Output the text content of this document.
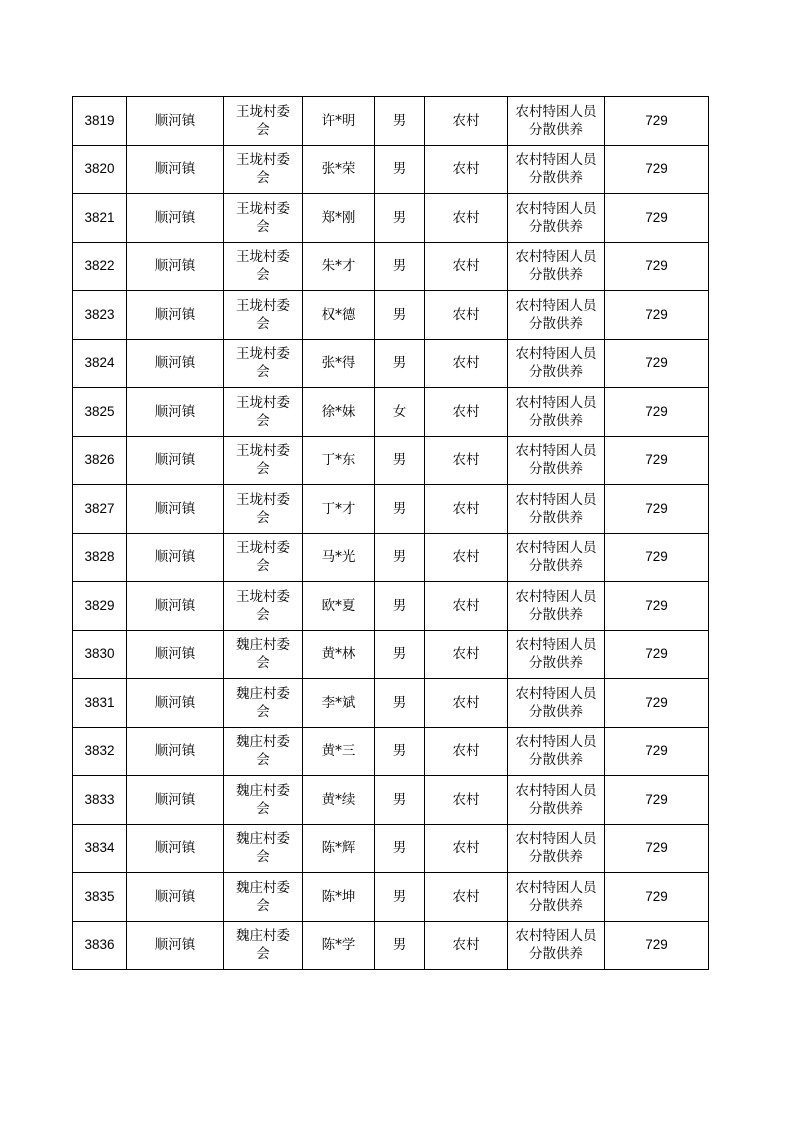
3819	顺河镇	王垅村委会	许*明	男	农村	农村特困人员分散供养	729
3820	顺河镇	王垅村委会	张*荣	男	农村	农村特困人员分散供养	729
3821	顺河镇	王垅村委会	郑*刚	男	农村	农村特困人员分散供养	729
3822	顺河镇	王垅村委会	朱*才	男	农村	农村特困人员分散供养	729
3823	顺河镇	王垅村委会	权*德	男	农村	农村特困人员分散供养	729
3824	顺河镇	王垅村委会	张*得	男	农村	农村特困人员分散供养	729
3825	顺河镇	王垅村委会	徐*妹	女	农村	农村特困人员分散供养	729
3826	顺河镇	王垅村委会	丁*东	男	农村	农村特困人员分散供养	729
3827	顺河镇	王垅村委会	丁*才	男	农村	农村特困人员分散供养	729
3828	顺河镇	王垅村委会	马*光	男	农村	农村特困人员分散供养	729
3829	顺河镇	王垅村委会	欧*夏	男	农村	农村特困人员分散供养	729
3830	顺河镇	魏庄村委会	黄*林	男	农村	农村特困人员分散供养	729
3831	顺河镇	魏庄村委会	李*斌	男	农村	农村特困人员分散供养	729
3832	顺河镇	魏庄村委会	黄*三	男	农村	农村特困人员分散供养	729
3833	顺河镇	魏庄村委会	黄*续	男	农村	农村特困人员分散供养	729
3834	顺河镇	魏庄村委会	陈*辉	男	农村	农村特困人员分散供养	729
3835	顺河镇	魏庄村委会	陈*坤	男	农村	农村特困人员分散供养	729
3836	顺河镇	魏庄村委会	陈*学	男	农村	农村特困人员分散供养	729
